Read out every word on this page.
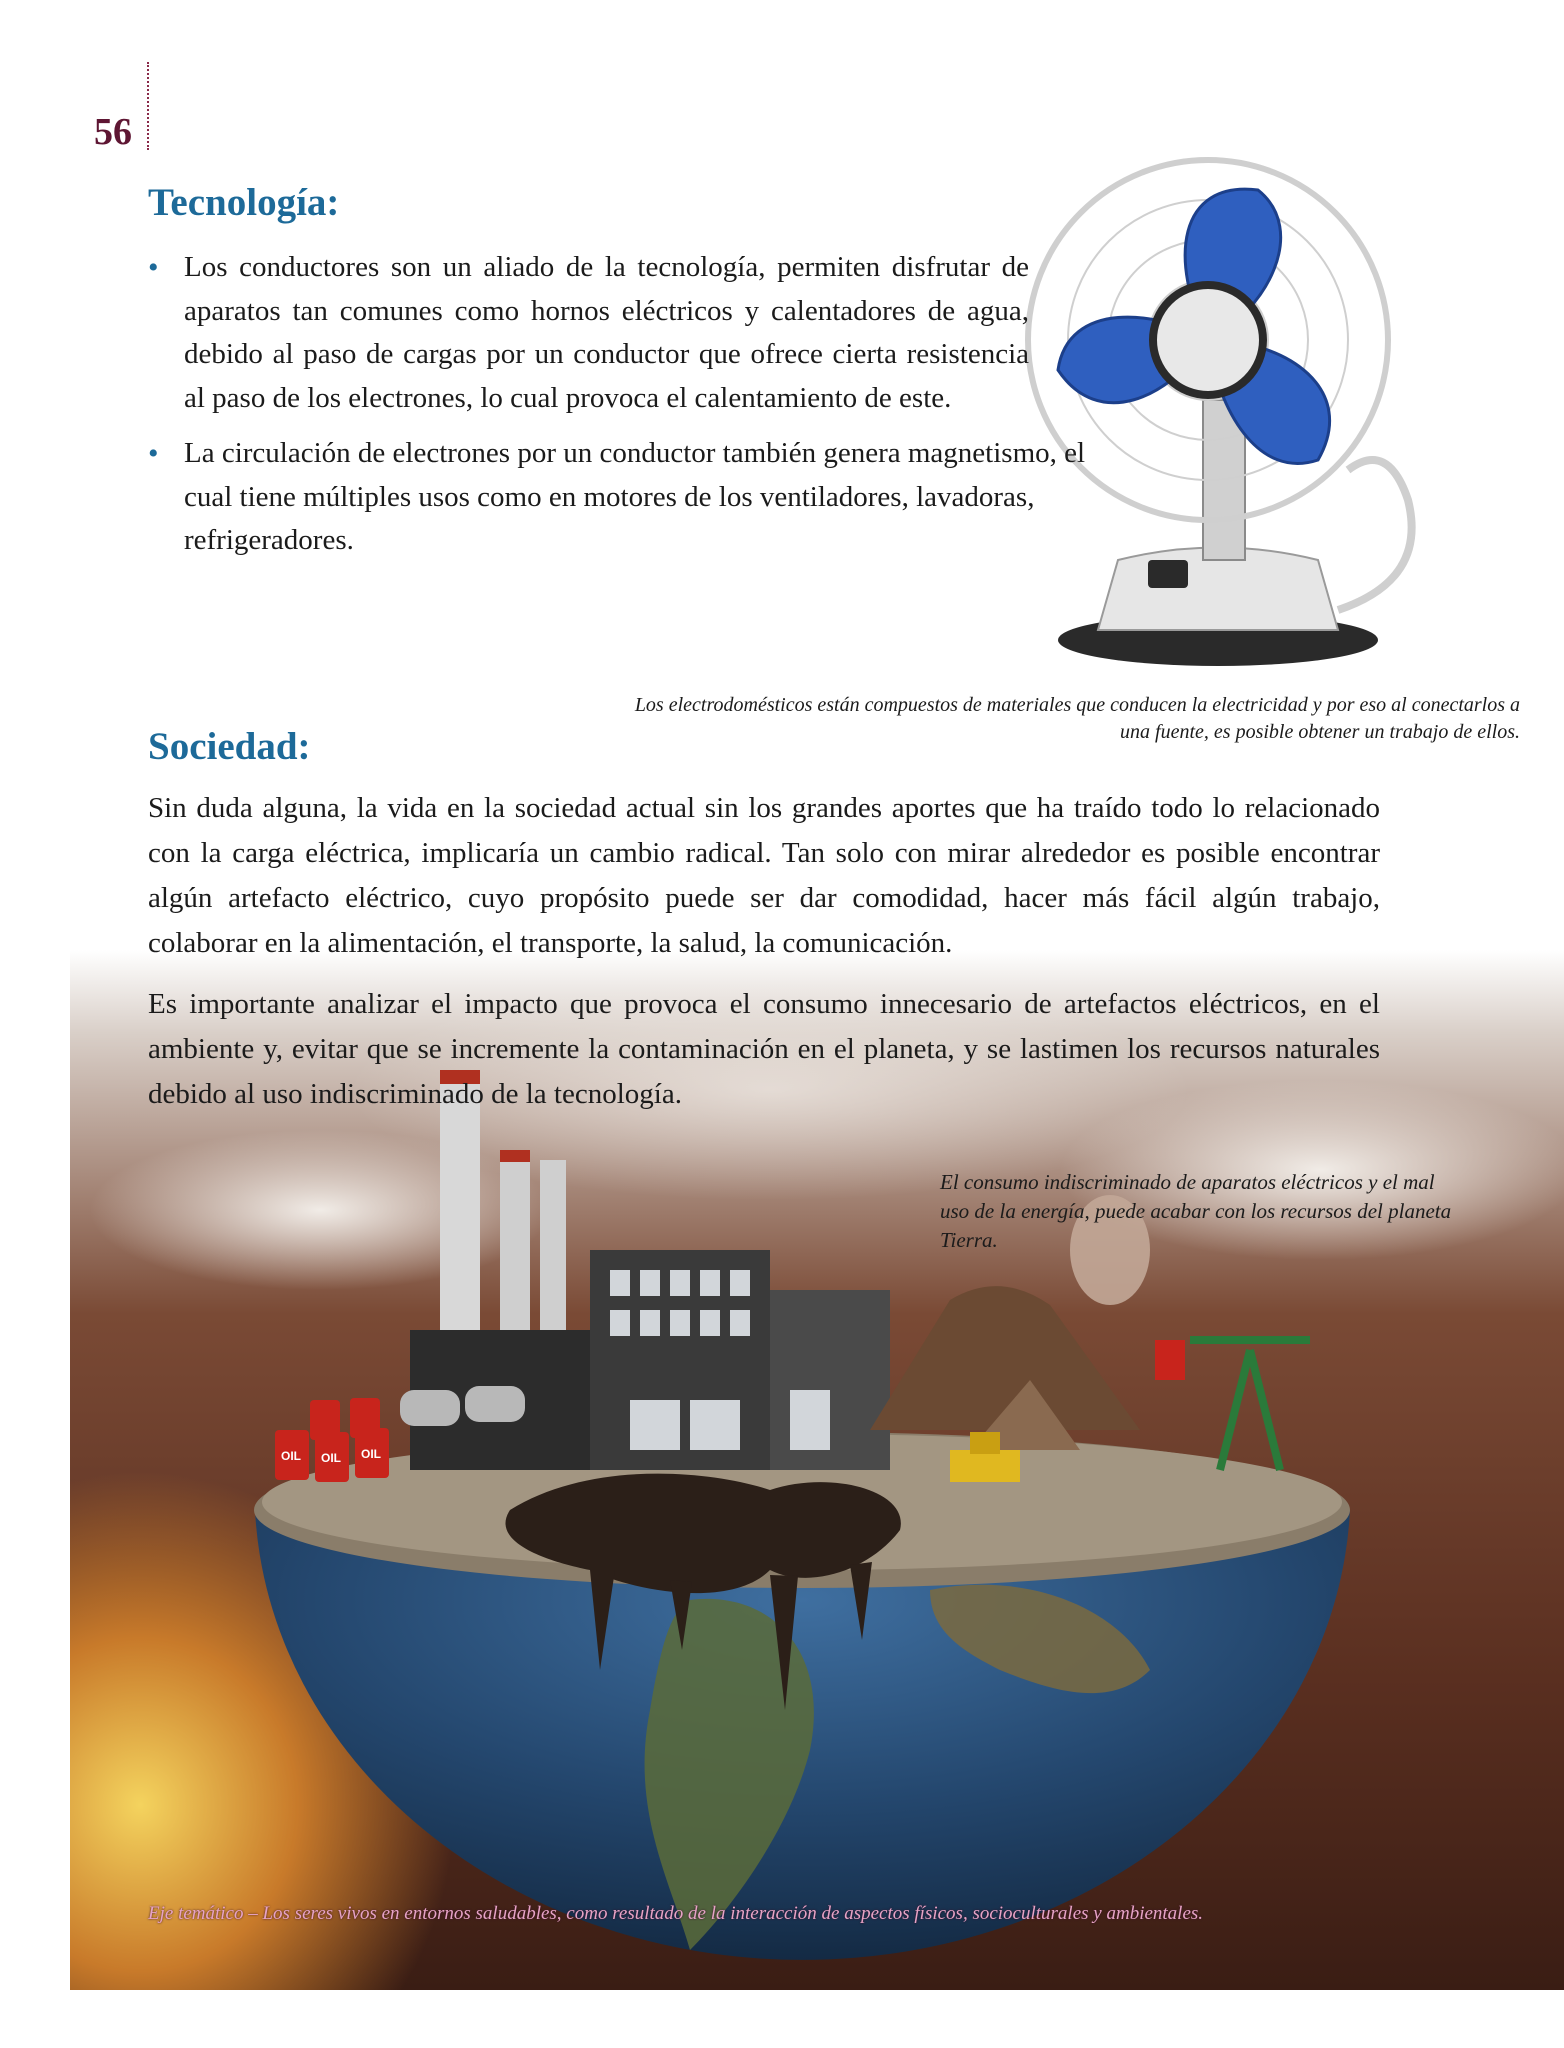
OIL OIL OIL
56
Tecnología:
• Los conductores son un aliado de la tecnología, permiten disfrutar de aparatos tan comunes como hornos eléctricos y calentadores de agua, debido al paso de cargas por un conductor que ofrece cierta resistencia al paso de los electrones, lo cual provoca el calentamiento de este.
• La circulación de electrones por un conductor también genera magnetismo, el cual tiene múltiples usos como en motores de los ventiladores, lavadoras, refrigeradores.
Los electrodomésticos están compuestos de materiales que conducen la electricidad y por eso al conectarlos a una fuente, es posible obtener un trabajo de ellos.
Sociedad:

Sin duda alguna, la vida en la sociedad actual sin los grandes aportes que ha traído todo lo relacionado con la carga eléctrica, implicaría un cambio radical. Tan solo con mirar alrededor es posible encontrar algún artefacto eléctrico, cuyo propósito puede ser dar comodidad, hacer más fácil algún trabajo, colaborar en la alimentación, el transporte, la salud, la comunicación.

Es importante analizar el impacto que provoca el consumo innecesario de artefactos eléctricos, en el ambiente y, evitar que se incremente la contaminación en el planeta, y se lastimen los recursos naturales debido al uso indiscriminado de la tecnología.

El consumo indiscriminado de aparatos eléctricos y el mal uso de la energía, puede acabar con los recursos del planeta Tierra.
Eje temático – Los seres vivos en entornos saludables, como resultado de la interacción de aspectos físicos, socioculturales y ambientales.
